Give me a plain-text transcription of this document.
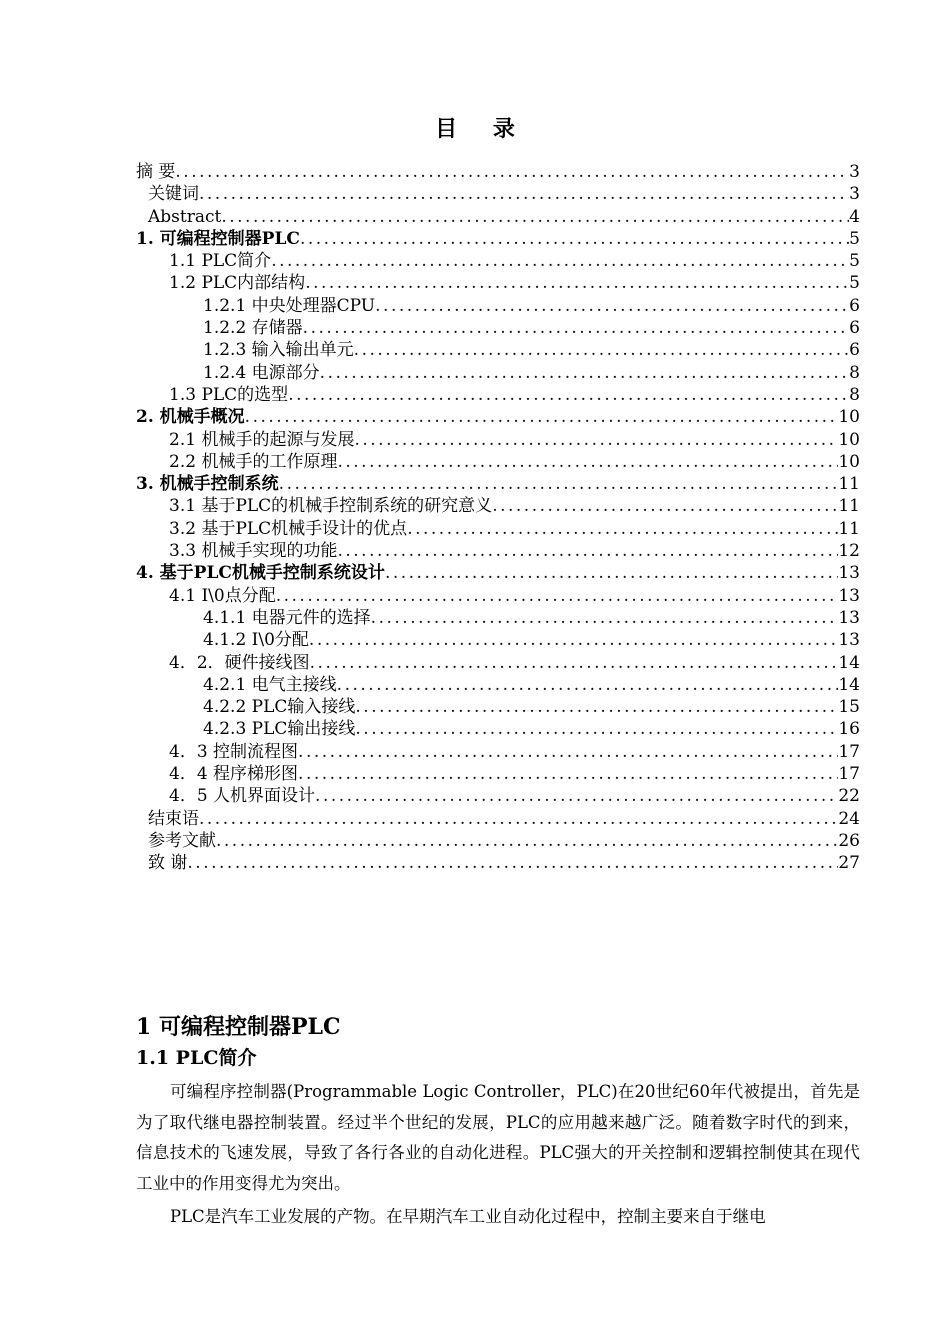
目 录
摘 要 .....	3
关键词 .....	3
Abstract .....	4
1. 可编程控制器PLC .....	5
1.1 PLC简介 .....	5
1.2 PLC内部结构 .....	5
1.2.1 中央处理器CPU .....	6
1.2.2 存储器 .....	6
1.2.3 输入输出单元 .....	6
1.2.4 电源部分 .....	8
1.3 PLC的选型 .....	8
2. 机械手概况 .....	10
2.1 机械手的起源与发展 .....	10
2.2 机械手的工作原理 .....	10
3. 机械手控制系统 .....	11
3.1 基于PLC的机械手控制系统的研究意义 .....	11
3.2 基于PLC机械手设计的优点 .....	11
3.3 机械手实现的功能 .....	12
4. 基于PLC机械手控制系统设计 .....	13
4.1 I\0点分配 .....	13
4.1.1 电器元件的选择 .....	13
4.1.2 I\0分配 .....	13
4．2．硬件接线图 .....	14
4.2.1 电气主接线 .....	14
4.2.2 PLC输入接线 .....	15
4.2.3 PLC输出接线 .....	16
4．3 控制流程图 .....	17
4．4 程序梯形图 .....	17
4．5 人机界面设计 .....	22
结束语 .....	24
参考文献 .....	26
致 谢 .....	27
1 可编程控制器PLC
1.1 PLC简介

可编程序控制器(Programmable Logic Controller，PLC)在20世纪60年代被提出，首先是为了取代继电器控制装置。经过半个世纪的发展，PLC的应用越来越广泛。随着数字时代的到来，信息技术的飞速发展，导致了各行各业的自动化进程。PLC强大的开关控制和逻辑控制使其在现代工业中的作用变得尤为突出。

PLC是汽车工业发展的产物。在早期汽车工业自动化过程中，控制主要来自于继电
